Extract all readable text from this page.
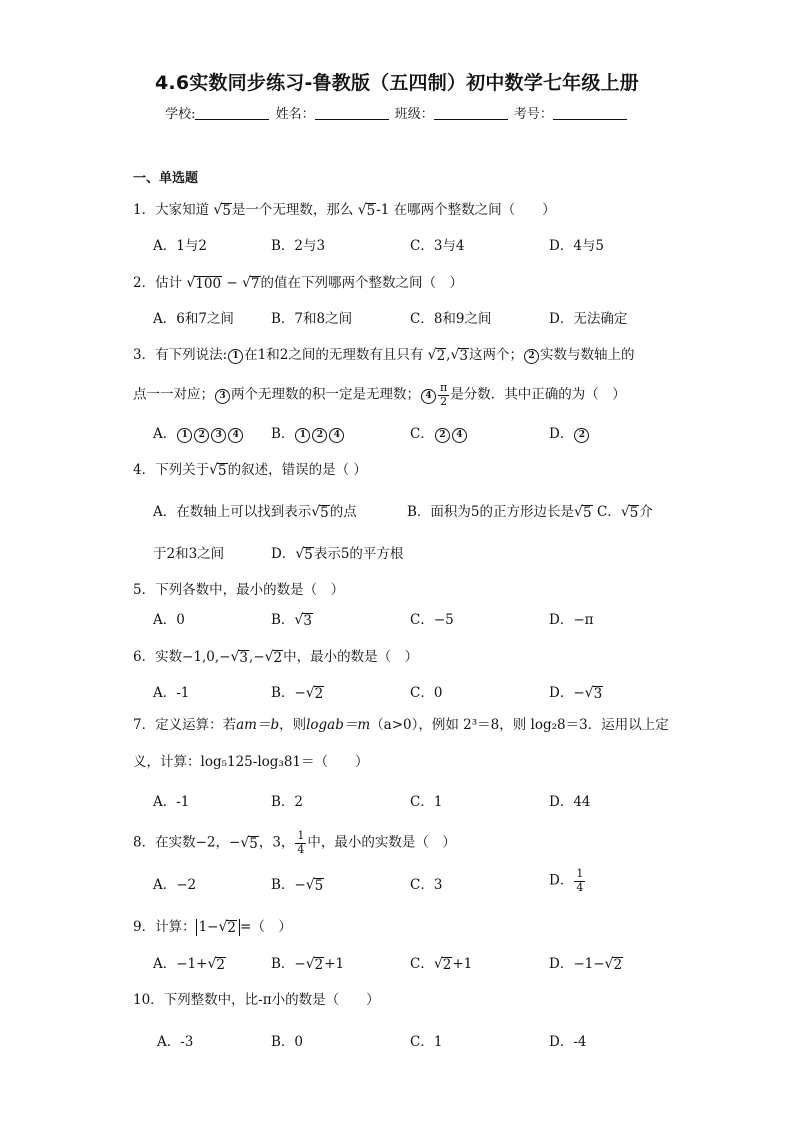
4.6实数同步练习-鲁教版（五四制）初中数学七年级上册
学校:	姓名：	班级：	考号：
一、单选题
1．大家知道 √ 5 是一个无理数，那么 √ 5 -1 在哪两个整数之间（　　）
A．1与2	B．2与3	C．3与4	D．4与5
2．估计 √ 100 − √ 7 的值在下列哪两个整数之间（　）
A．6和7之间	B．7和8之间	C．8和9之间	D．无法确定
3．有下列说法: 1 在1和2之间的无理数有且只有 √ 2 , √ 3 这两个； 2 实数与数轴上的
点一一对应； 3 两个无理数的积一定是无理数； $4 \frac{\pi}{2}$ 是分数．其中正确的为（　）
A． 1 2 3 4	B． 1 2 4	C． 2 4	D． 2
4．下列关于 √ 5 的叙述，错误的是（ ）
A．在数轴上可以找到表示 √ 5 的点	B．面积为5的正方形边长是 √ 5 C． √ 5 介
于2和3之间	D． √ 5 表示5的平方根
5．下列各数中，最小的数是（　）
A．0	B． √ 3	C．−5	D．−π
6．实数−1,0,− √ 3 ,− √ 2 中，最小的数是（　）
A．-1	B．− √ 2	C．0	D．− √ 3
7．定义运算：若am＝b，则logab＝m（a>0），例如 2³＝8，则 log₂8＝3．运用以上定
义，计算：log₅125-log₃81＝（　　）
A．-1	B．2	C．1	D．44
8．在实数−2，− √ 5 ，3， $\frac{1}{4}$ 中，最小的实数是（　）
A．−2	B．− √ 5	C．3	D． $\frac{1}{4}$
9．计算： 1− √ 2 =（　）
A．−1+ √ 2	B．− √ 2 +1	C． √ 2 +1	D．−1− √ 2
10．下列整数中，比-π小的数是（　　）
A．-3	B．0	C．1	D．-4
